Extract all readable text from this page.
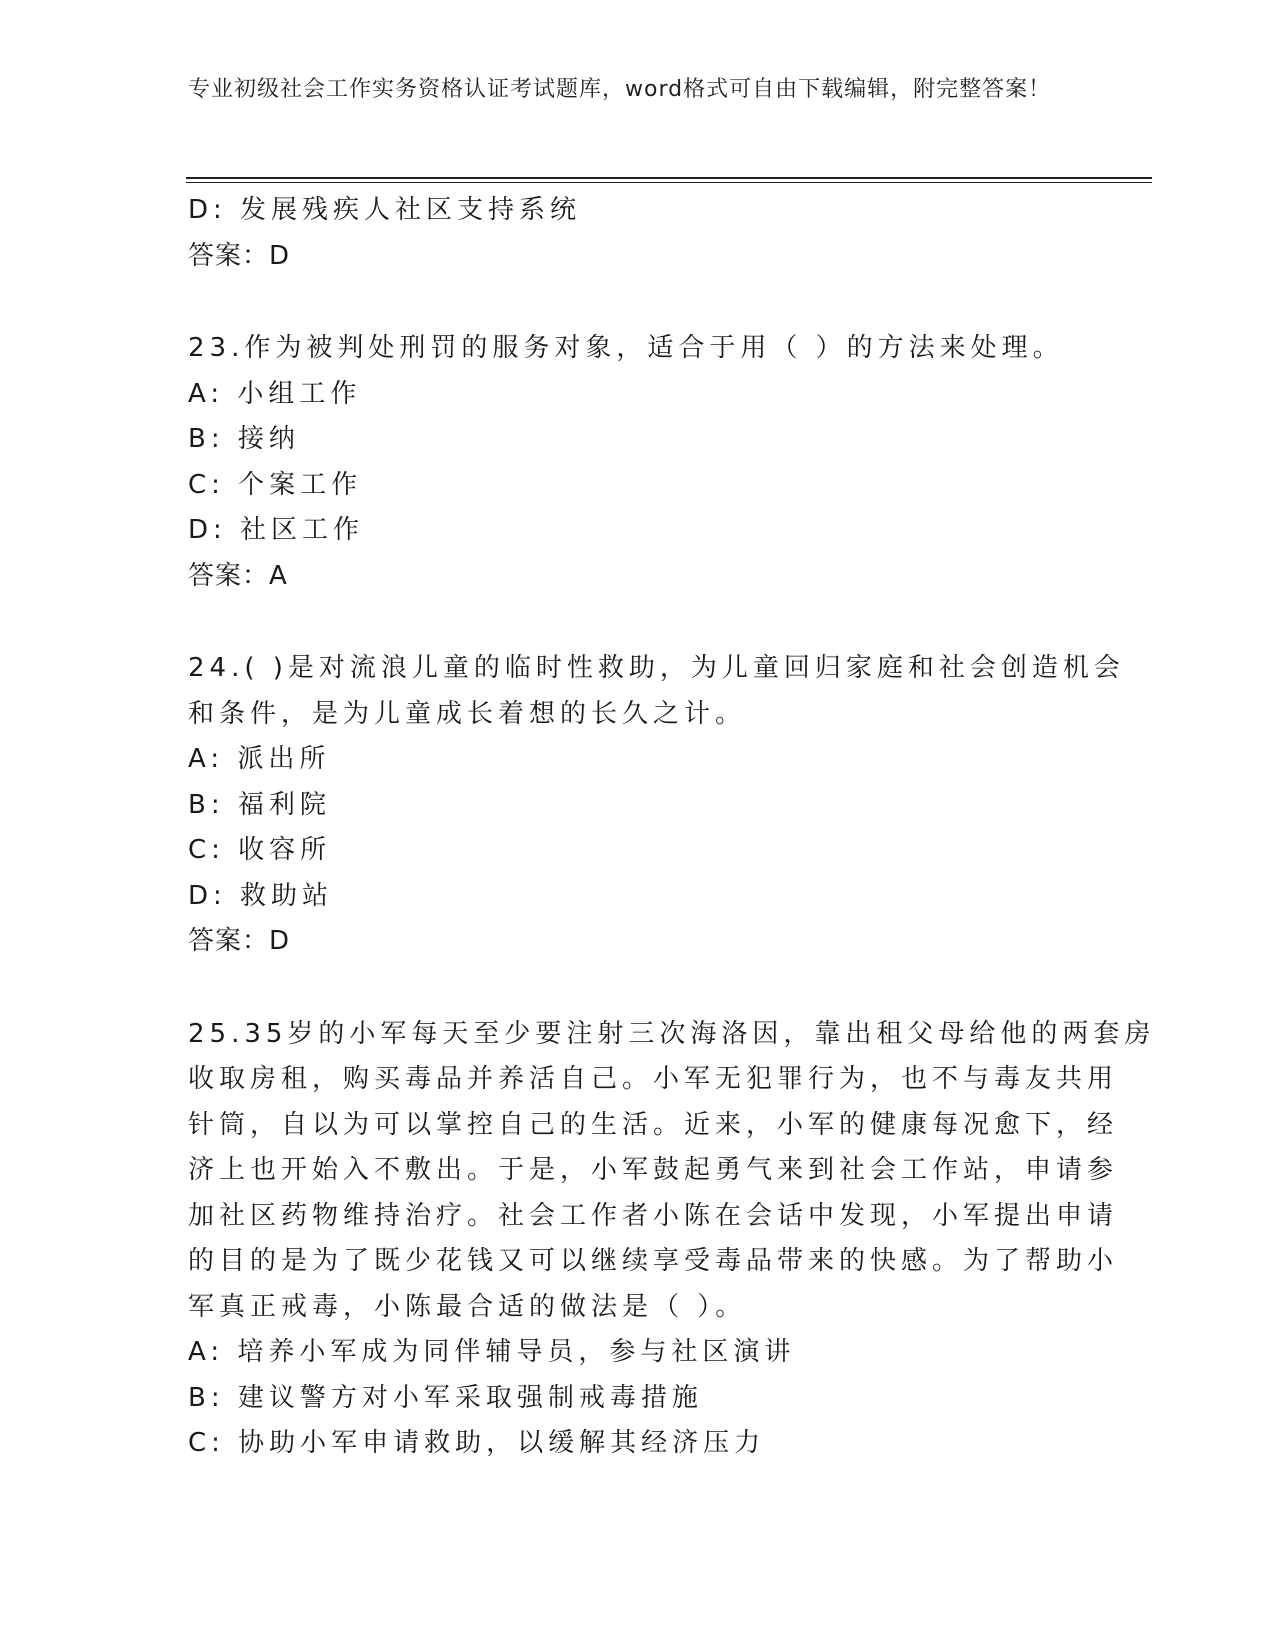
专业初级社会工作实务资格认证考试题库，word格式可自由下载编辑，附完整答案！
D: 发展残疾人社区支持系统
答案：D
23.作为被判处刑罚的服务对象，适合于用（ ）的方法来处理。
A: 小组工作
B: 接纳
C: 个案工作
D: 社区工作
答案：A
24.( )是对流浪儿童的临时性救助，为儿童回归家庭和社会创造机会
和条件，是为儿童成长着想的长久之计。
A: 派出所
B: 福利院
C: 收容所
D: 救助站
答案：D
25.35岁的小军每天至少要注射三次海洛因，靠出租父母给他的两套房
收取房租，购买毒品并养活自己。小军无犯罪行为，也不与毒友共用
针筒，自以为可以掌控自己的生活。近来，小军的健康每况愈下，经
济上也开始入不敷出。于是，小军鼓起勇气来到社会工作站，申请参
加社区药物维持治疗。社会工作者小陈在会话中发现，小军提出申请
的目的是为了既少花钱又可以继续享受毒品带来的快感。为了帮助小
军真正戒毒，小陈最合适的做法是（ ）。
A: 培养小军成为同伴辅导员，参与社区演讲
B: 建议警方对小军采取强制戒毒措施
C: 协助小军申请救助，以缓解其经济压力
